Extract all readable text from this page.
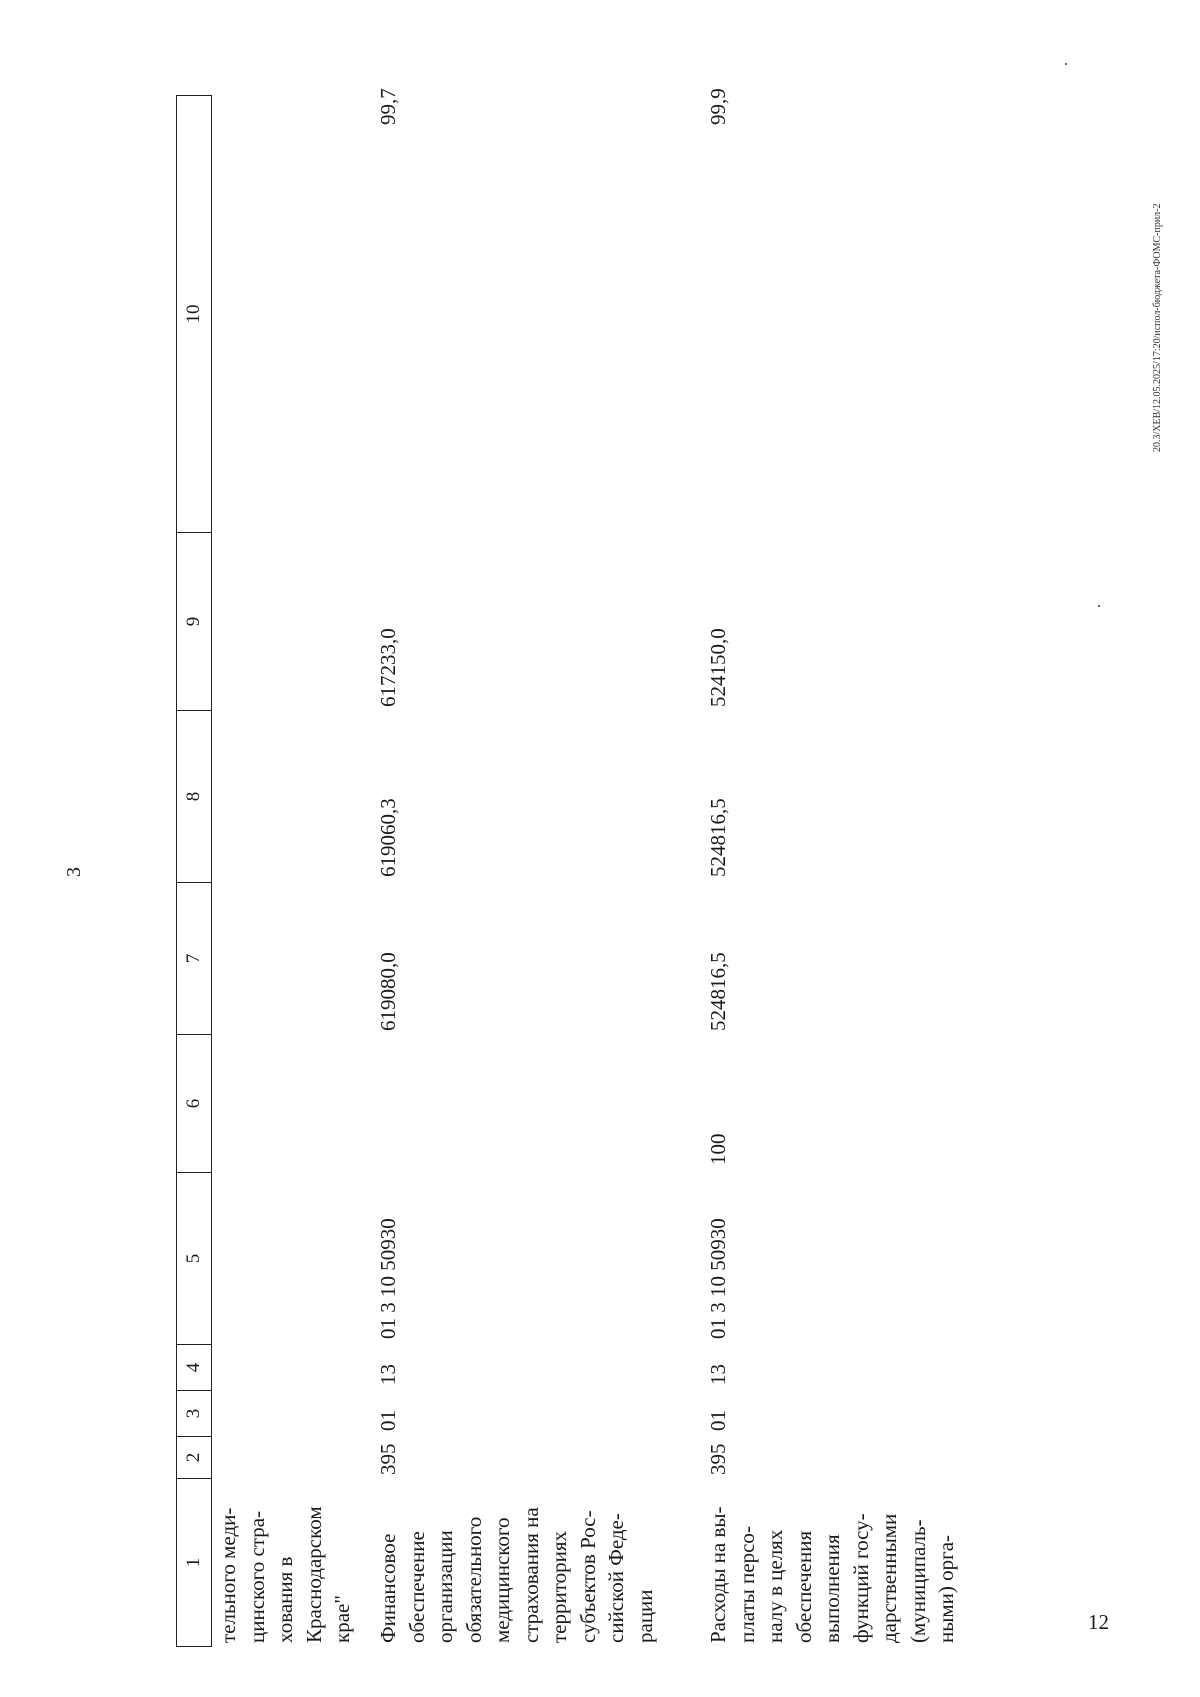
3
1
2
3
4
5
6
7
8
9
10
тельного меди-
цинского стра-
хования в
Краснодарском
крае" Финансовое
обеспечение
организации
обязательного
медицинского
страхования на
территориях
субъектов Рос-
сийской Феде-
рации
395
01
13
01 3 10 50930
619080,0
619060,3
617233,0
99,7
Расходы на вы-
платы персо-
налу в целях
обеспечения
выполнения
функций госу-
дарственными
(муниципаль-
ными) орга-
395
01
13
01 3 10 50930
100
524816,5
524816,5
524150,0
99,9
20.3/ХЕВ/12.05.2025/17:20/испол-бюджета-ФОМС-прил-2
12
